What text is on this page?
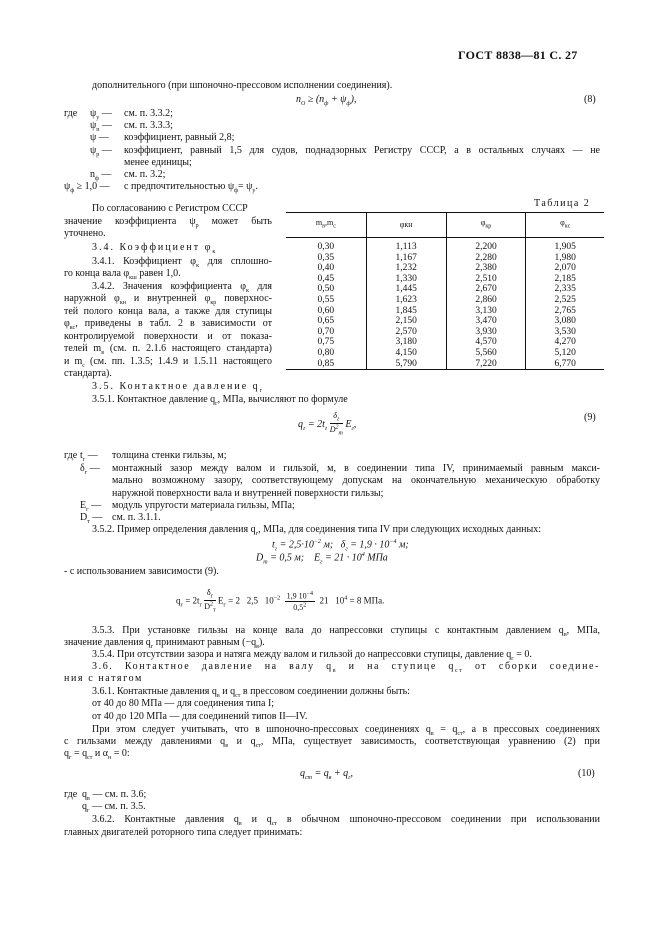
ГОСТ 8838—81 С. 27
дополнительного (при шпоночно-прессовом исполнении соединения).
$n_O \ge (n_ф + \psi_ф)$,	(8)
где $\psi_у$ — см. п. 3.3.2;
$\psi_п$ — см. п. 3.3.3;
ψ — коэффициент, равный 2,8;
$\psi_р$ — коэффициент, равный 1,5 для судов, поднадзорных Регистру СССР, а в остальных случаях — не
менее единицы;
$n_ф$ — см. п. 3.2;
$\psi_ф \ge 1,0$ — с предпочтительностью $\psi_ф= \psi_у$.
По согласованию с Регистром СССР
значение коэффициента $\psi_р$ может быть
уточнено.
3.4. Коэффициент $\varphi_к$
3.4.1. Коэффициент $\varphi_к$ для сплошно-
го конца вала $\varphi_{кш}$ равен 1,0.
3.4.2. Значения коэффициента $\varphi_к$ для
наружной $\varphi_{кн}$ и внутренней $\varphi_{кр}$ поверхнос-
тей полого конца вала, а также для ступицы
$\varphi_{кс}$, приведены в табл. 2 в зависимости от
контролируемой поверхности и от показа-
телей $m_в$ (см. п. 2.1.6 настоящего стандарта)
и $m_с$ (см. пп. 1.3.5; 1.4.9 и 1.5.11 настоящего
стандарта).
Таблица 2
$m_в,m_с$	φкн	$\varphi_{кр}$	$\varphi_{кс}$
0,30	1,113	2,200	1,905
0,35	1,167	2,280	1,980
0,40	1,232	2,380	2,070
0,45	1,330	2,510	2,185
0,50	1,445	2,670	2,335
0,55	1,623	2,860	2,525
0,60	1,845	3,130	2,765
0,65	2,150	3,470	3,080
0,70	2,570	3,930	3,530
0,75	3,180	4,570	4,270
0,80	4,150	5,560	5,120
0,85	5,790	7,220	6,770
3.5. Контактное давление $q_г$
3.5.1. Контактное давление $q_г$, МПа, вычисляют по формуле
$q_г = 2t_г \frac{\delta_г}{D^2_т} E_г$,
(9)
где $t_г$ — толщина стенки гильзы, м;
$\delta_г$ — монтажный зазор между валом и гильзой, м, в соединении типа IV, принимаемый равным макси-
мально возможному зазору, соответствующему допускам на окончательную механическую обработку
наружной поверхности вала и внутренней поверхности гильзы;
$E_г$ — модуль упругости материала гильзы, МПа;
$D_т$ — см. п. 3.1.1.
3.5.2. Пример определения давления $q_г$, МПа, для соединения типа IV при следующих исходных данных:
$t_г = 2,5\cdot 10^{-2}$ м; $\delta_г = 1,9 \cdot 10^{-4}$ м;
$D_т = 0,5$ м; $E_г = 21 \cdot 10^4$ МПа
- с использованием зависимости (9).
$q_г = 2t_г \frac{\delta_г}{D^2_т} E_г = 2$ 2,5 $10^{-2} \frac{1,9 10^{-4}}{0,5^2} 21$ $10^4 = 8$ МПа.
3.5.3. При установке гильзы на конце вала до напрессовки ступицы с контактным давлением $q_в$, МПа,
значение давления $q_г$ принимают равным $(-q_в)$.
3.5.4. При отсутствии зазора и натяга между валом и гильзой до напрессовки ступицы, давление $q_г = 0$.
3.6. Контактное давление на валу $q_в$ и на ступице $q_{ст}$ от сборки соедине-
ния с натягом
3.6.1. Контактные давления $q_в$ и $q_{ст}$ в прессовом соединении должны быть:
от 40 до 80 МПа — для соединения типа I;
от 40 до 120 МПа — для соединений типов II—IV.
При этом следует учитывать, что в шпоночно-прессовых соединениях $q_в = q_{ст}$, а в прессовых соединениях
с гильзами между давлениями $q_в$ и $q_{ст}$, МПа, существует зависимость, соответствующая уравнению (2) при
$q_г = q_{ст}$ и $\alpha_н = 0$:
$q_{ст} = q_в + q_г$,	(10)
где $q_в$ — см. п. 3.6;
$q_г$ — см. п. 3.5.
3.6.2. Контактные давления $q_в$ и $q_{ст}$ в обычном шпоночно-прессовом соединении при использовании
главных двигателей роторного типа следует принимать:
